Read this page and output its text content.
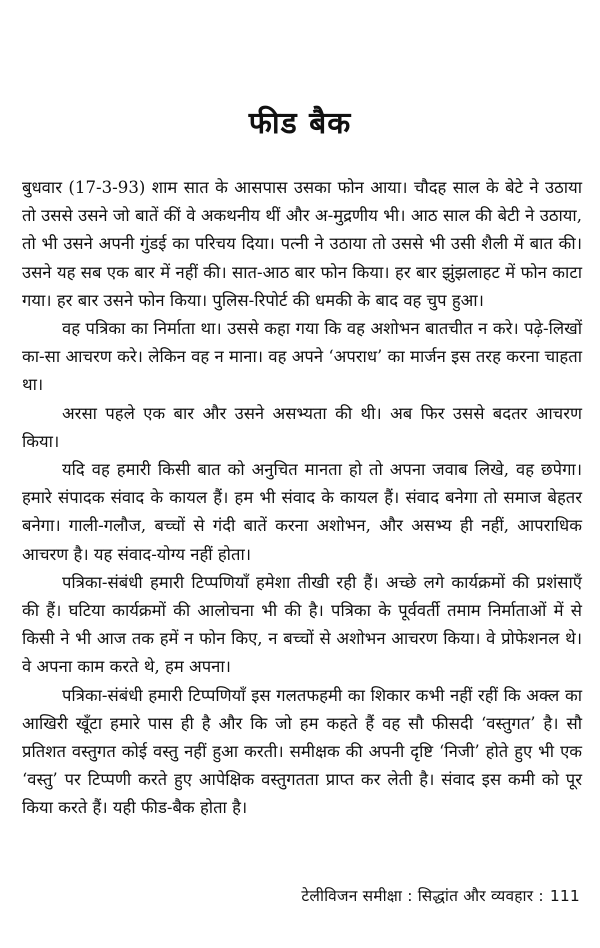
फीड बैक

बुधवार (17-3-93) शाम सात के आसपास उसका फोन आया। चौदह साल के बेटे ने उठाया तो उससे उसने जो बातें कीं वे अकथनीय थीं और अ-मुद्रणीय भी। आठ साल की बेटी ने उठाया, तो भी उसने अपनी गुंडई का परिचय दिया। पत्नी ने उठाया तो उससे भी उसी शैली में बात की। उसने यह सब एक बार में नहीं की। सात-आठ बार फोन किया। हर बार झुंझलाहट में फोन काटा गया। हर बार उसने फोन किया। पुलिस-रिपोर्ट की धमकी के बाद वह चुप हुआ।

वह पत्रिका का निर्माता था। उससे कहा गया कि वह अशोभन बातचीत न करे। पढ़े-लिखों का-सा आचरण करे। लेकिन वह न माना। वह अपने ‘अपराध’ का मार्जन इस तरह करना चाहता था।

अरसा पहले एक बार और उसने असभ्यता की थी। अब फिर उससे बदतर आचरण किया।

यदि वह हमारी किसी बात को अनुचित मानता हो तो अपना जवाब लिखे, वह छपेगा। हमारे संपादक संवाद के कायल हैं। हम भी संवाद के कायल हैं। संवाद बनेगा तो समाज बेहतर बनेगा। गाली-गलौज, बच्चों से गंदी बातें करना अशोभन, और असभ्य ही नहीं, आपराधिक आचरण है। यह संवाद-योग्य नहीं होता।

पत्रिका-संबंधी हमारी टिप्पणियाँ हमेशा तीखी रही हैं। अच्छे लगे कार्यक्रमों की प्रशंसाएँ की हैं। घटिया कार्यक्रमों की आलोचना भी की है। पत्रिका के पूर्ववर्ती तमाम निर्माताओं में से किसी ने भी आज तक हमें न फोन किए, न बच्चों से अशोभन आचरण किया। वे प्रोफेशनल थे। वे अपना काम करते थे, हम अपना।

पत्रिका-संबंधी हमारी टिप्पणियाँ इस गलतफहमी का शिकार कभी नहीं रहीं कि अक्ल का आखिरी खूँटा हमारे पास ही है और कि जो हम कहते हैं वह सौ फीसदी ‘वस्तुगत’ है। सौ प्रतिशत वस्तुगत कोई वस्तु नहीं हुआ करती। समीक्षक की अपनी दृष्टि ‘निजी’ होते हुए भी एक ‘वस्तु’ पर टिप्पणी करते हुए आपेक्षिक वस्तुगतता प्राप्त कर लेती है। संवाद इस कमी को पूर किया करते हैं। यही फीड-बैक होता है।

टेलीविजन समीक्षा : सिद्धांत और व्यवहार : 111
